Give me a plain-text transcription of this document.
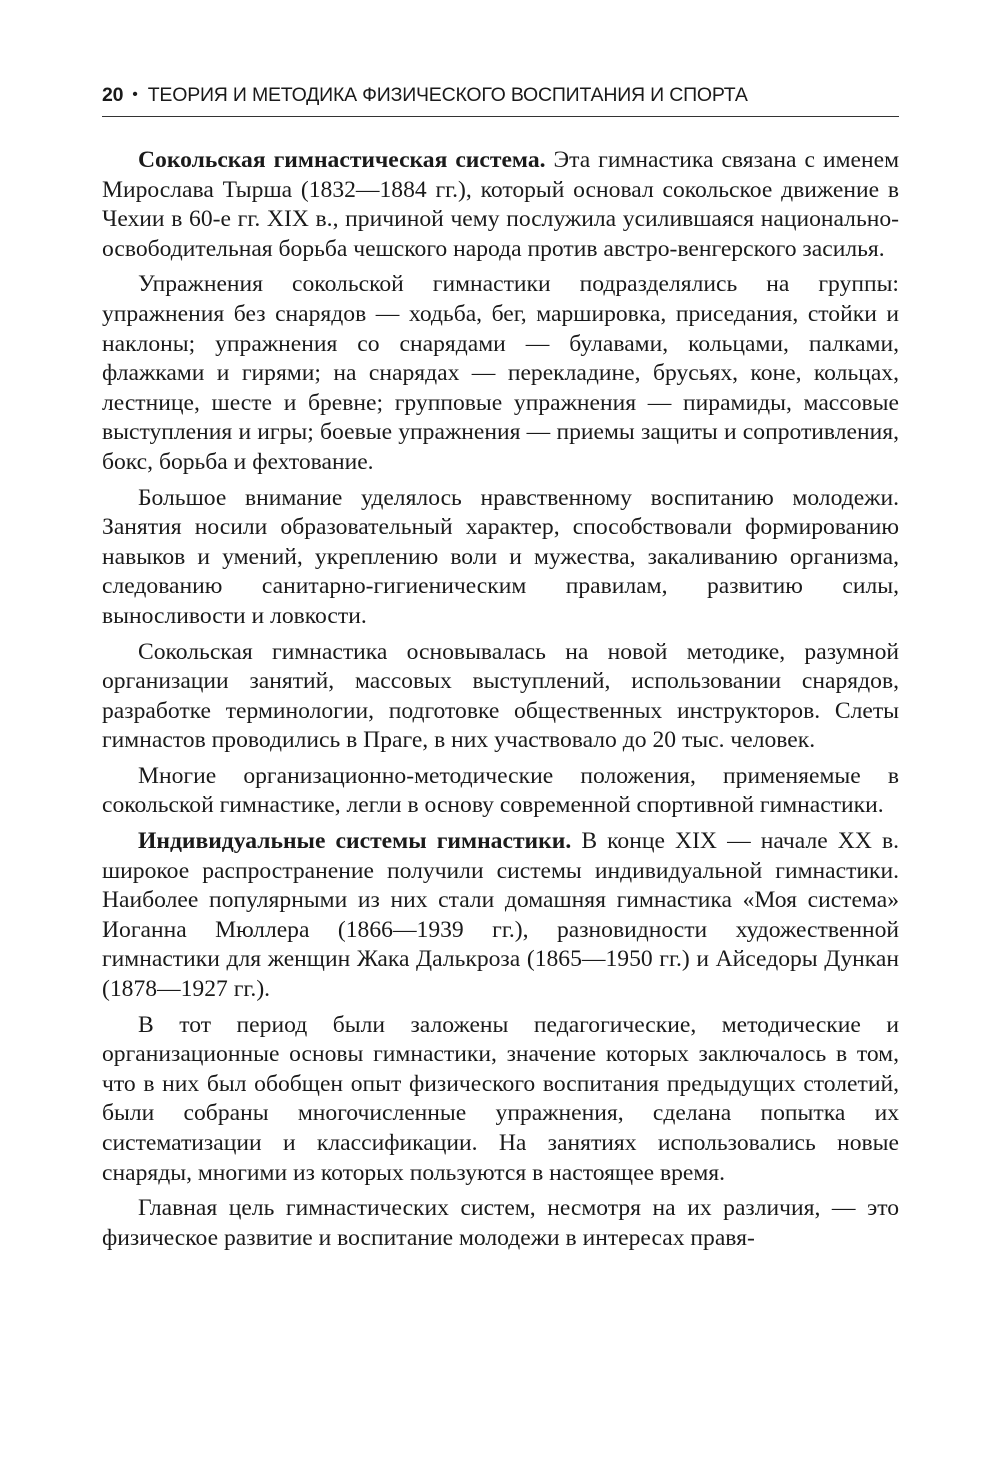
20 • ТЕОРИЯ И МЕТОДИКА ФИЗИЧЕСКОГО ВОСПИТАНИЯ И СПОРТА

Сокольская гимнастическая система. Эта гимнастика связана с именем Мирослава Тырша (1832—1884 гг.), который основал сокольское движение в Чехии в 60-е гг. XIX в., причиной чему послужила усилившаяся национально-освободительная борьба чешского народа против австро-венгерского засилья.

Упражнения сокольской гимнастики подразделялись на группы: упражнения без снарядов — ходьба, бег, маршировка, приседания, стойки и наклоны; упражнения со снарядами — булавами, кольцами, палками, флажками и гирями; на снарядах — перекладине, брусьях, коне, кольцах, лестнице, шесте и бревне; групповые упражнения — пирамиды, массовые выступления и игры; боевые упражнения — приемы защиты и сопротивления, бокс, борьба и фехтование.

Большое внимание уделялось нравственному воспитанию молодежи. Занятия носили образовательный характер, способствовали формированию навыков и умений, укреплению воли и мужества, закаливанию организма, следованию санитарно-гигиеническим правилам, развитию силы, выносливости и ловкости.

Сокольская гимнастика основывалась на новой методике, разумной организации занятий, массовых выступлений, использовании снарядов, разработке терминологии, подготовке общественных инструкторов. Слеты гимнастов проводились в Праге, в них участвовало до 20 тыс. человек.

Многие организационно-методические положения, применяемые в сокольской гимнастике, легли в основу современной спортивной гимнастики.

Индивидуальные системы гимнастики. В конце XIX — начале XX в. широкое распространение получили системы индивидуальной гимнастики. Наиболее популярными из них стали домашняя гимнастика «Моя система» Иоганна Мюллера (1866—1939 гг.), разновидности художественной гимнастики для женщин Жака Далькроза (1865—1950 гг.) и Айседоры Дункан (1878—1927 гг.).

В тот период были заложены педагогические, методические и организационные основы гимнастики, значение которых заключалось в том, что в них был обобщен опыт физического воспитания предыдущих столетий, были собраны многочисленные упражнения, сделана попытка их систематизации и классификации. На занятиях использовались новые снаряды, многими из которых пользуются в настоящее время.

Главная цель гимнастических систем, несмотря на их различия, — это физическое развитие и воспитание молодежи в интересах правя-
